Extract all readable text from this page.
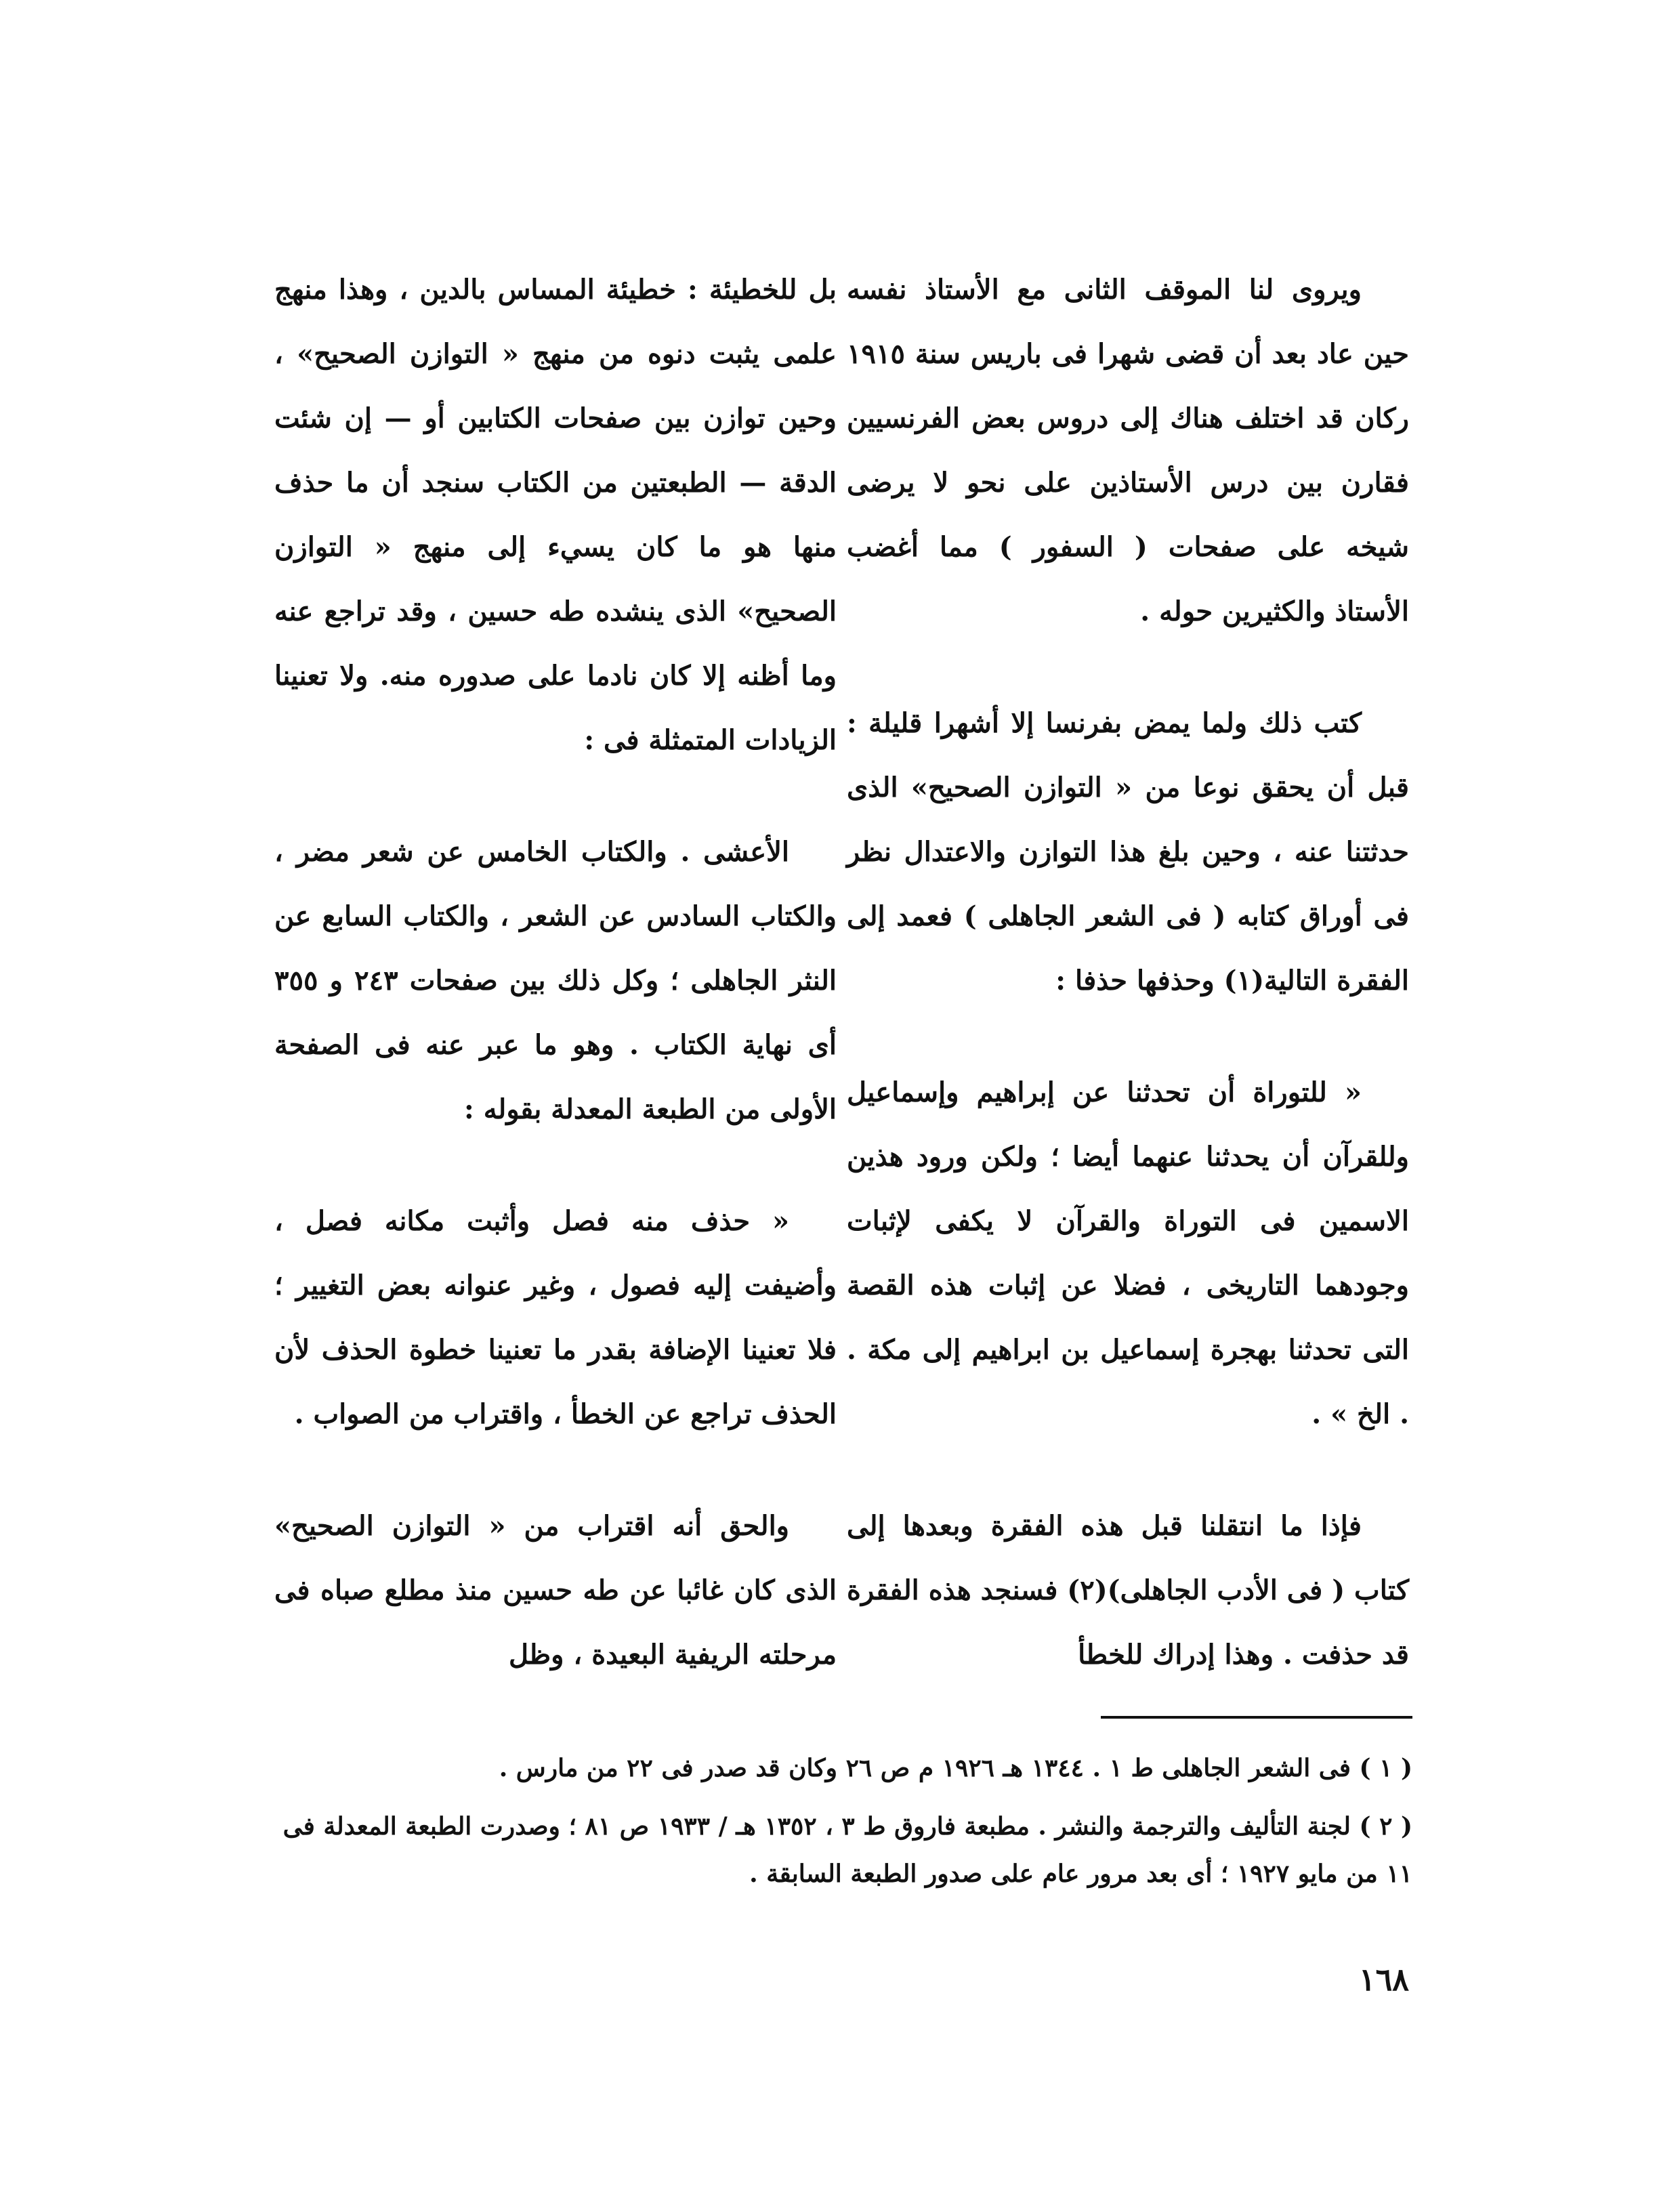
ويروى لنا الموقف الثانى مع الأستاذ نفسه حين عاد بعد أن قضى شهرا فى باريس سنة ١٩١٥ ركان قد اختلف هناك إلى دروس بعض الفرنسيين فقارن بين درس الأستاذين على نحو لا يرضى شيخه على صفحات ( السفور ) مما أغضب الأستاذ والكثيرين حوله .

كتب ذلك ولما يمض بفرنسا إلا أشهرا قليلة : قبل أن يحقق نوعا من « التوازن الصحيح» الذى حدثتنا عنه ، وحين بلغ هذا التوازن والاعتدال نظر فى أوراق كتابه ( فى الشعر الجاهلى ) فعمد إلى الفقرة التالية(١) وحذفها حذفا :

« للتوراة أن تحدثنا عن إبراهيم وإسماعيل وللقرآن أن يحدثنا عنهما أيضا ؛ ولكن ورود هذين الاسمين فى التوراة والقرآن لا يكفى لإثبات وجودهما التاريخى ، فضلا عن إثبات هذه القصة التى تحدثنا بهجرة إسماعيل بن ابراهيم إلى مكة . . الخ » .

فإذا ما انتقلنا قبل هذه الفقرة وبعدها إلى كتاب ( فى الأدب الجاهلى)(٢) فسنجد هذه الفقرة قد حذفت . وهذا إدراك للخطأ

بل للخطيئة : خطيئة المساس بالدين ، وهذا منهج علمى يثبت دنوه من منهج « التوازن الصحيح» ، وحين توازن بين صفحات الكتابين أو — إن شئت الدقة — الطبعتين من الكتاب سنجد أن ما حذف منها هو ما كان يسيء إلى منهج « التوازن الصحيح» الذى ينشده طه حسين ، وقد تراجع عنه وما أظنه إلا كان نادما على صدوره منه. ولا تعنينا الزيادات المتمثلة فى :

الأعشى . والكتاب الخامس عن شعر مضر ، والكتاب السادس عن الشعر ، والكتاب السابع عن النثر الجاهلى ؛ وكل ذلك بين صفحات ٢٤٣ و ٣٥٥ أى نهاية الكتاب . وهو ما عبر عنه فى الصفحة الأولى من الطبعة المعدلة بقوله :

« حذف منه فصل وأثبت مكانه فصل ، وأضيفت إليه فصول ، وغير عنوانه بعض التغيير ؛ فلا تعنينا الإضافة بقدر ما تعنينا خطوة الحذف لأن الحذف تراجع عن الخطأ ، واقتراب من الصواب .

والحق أنه اقتراب من « التوازن الصحيح» الذى كان غائبا عن طه حسين منذ مطلع صباه فى مرحلته الريفية البعيدة ، وظل

( ١ ) فى الشعر الجاهلى ط ١ . ١٣٤٤ هـ ١٩٢٦ م ص ٢٦ وكان قد صدر فى ٢٢ من مارس .

( ٢ ) لجنة التأليف والترجمة والنشر . مطبعة فاروق ط ٣ ، ١٣٥٢ هـ / ١٩٣٣ ص ٨١ ؛ وصدرت الطبعة المعدلة فى ١١ من مايو ١٩٢٧ ؛ أى بعد مرور عام على صدور الطبعة السابقة .

١٦٨
